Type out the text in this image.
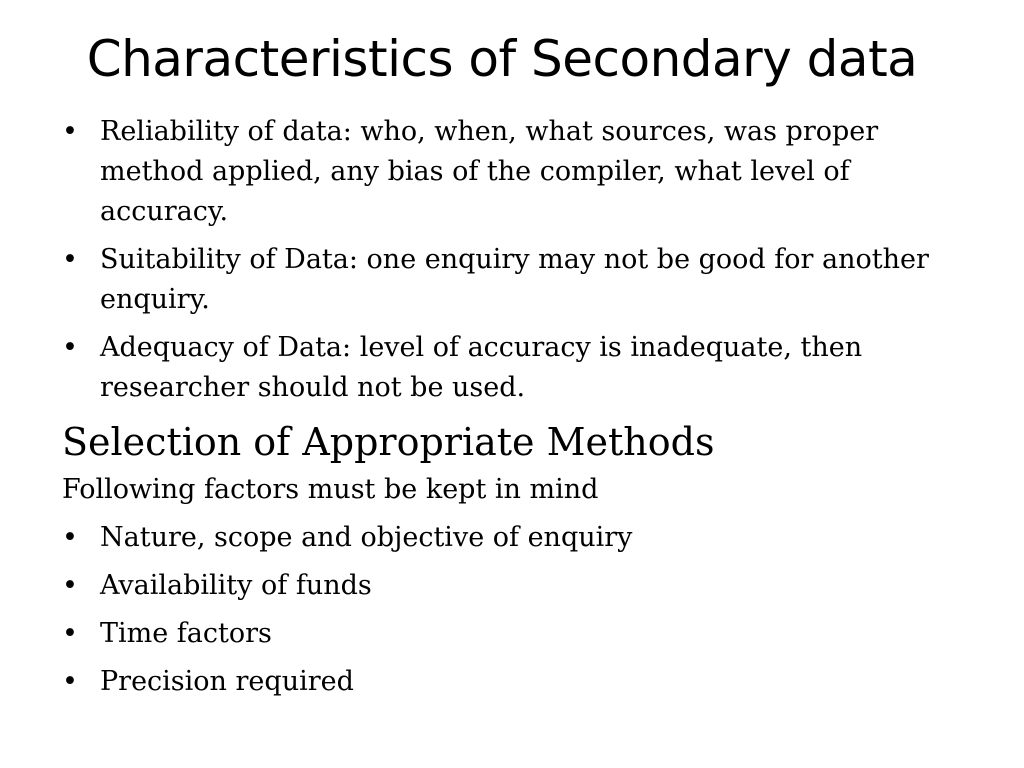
Characteristics of Secondary data
• Reliability of data: who, when, what sources, was proper method applied, any bias of the compiler, what level of accuracy.
• Suitability of Data: one enquiry may not be good for another enquiry.
• Adequacy of Data: level of accuracy is inadequate, then researcher should not be used.
Selection of Appropriate Methods
Following factors must be kept in mind
• Nature, scope and objective of enquiry
• Availability of funds
• Time factors
• Precision required
